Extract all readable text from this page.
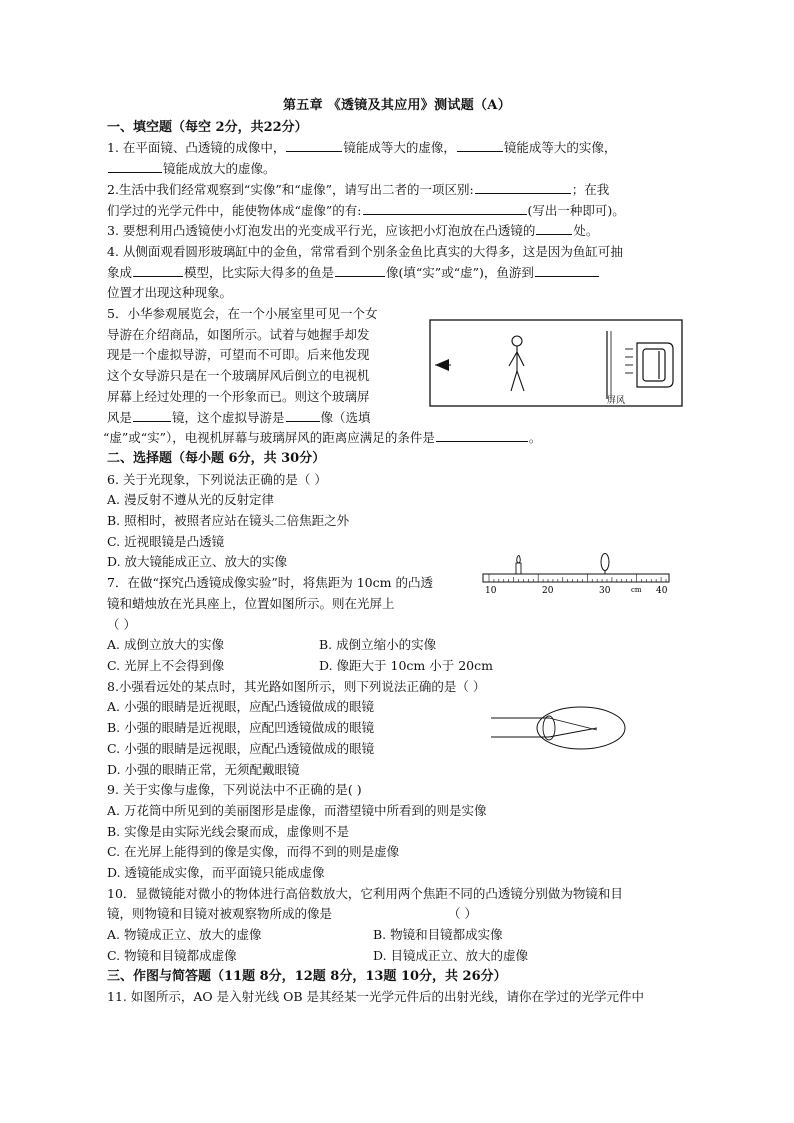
第五章 《透镜及其应用》测试题（A）
一、填空题（每空 2分，共22分）
1. 在平面镜、凸透镜的成像中，	镜能成等大的虚像，	镜能成等大的实像，
镜能成放大的虚像。
2.生活中我们经常观察到“实像”和“虚像”，请写出二者的一项区别:	；在我
们学过的光学元件中，能使物体成“虚像”的有:	(写出一种即可)。
3. 要想利用凸透镜使小灯泡发出的光变成平行光，应该把小灯泡放在凸透镜的	处。
4. 从侧面观看圆形玻璃缸中的金鱼，常常看到个别条金鱼比真实的大得多，这是因为鱼缸可抽
象成	模型，比实际大得多的鱼是	像(填“实”或“虚”)，鱼游到
位置才出现这种现象。
5．小华参观展览会，在一个小展室里可见一个女
导游在介绍商品，如图所示。试着与她握手却发
现是一个虚拟导游，可望而不可即。后来他发现
这个女导游只是在一个玻璃屏风后倒立的电视机
屏幕上经过处理的一个形象而已。则这个玻璃屏
风是	镜，这个虚拟导游是	像（选填
“虚”或“实”），电视机屏幕与玻璃屏风的距离应满足的条件是	。
屏风
二、选择题（每小题 6分，共 30分）
6. 关于光现象，下列说法正确的是（ ）
A. 漫反射不遵从光的反射定律
B. 照相时，被照者应站在镜头二倍焦距之外
C. 近视眼镜是凸透镜
D. 放大镜能成正立、放大的实像
7．在做“探究凸透镜成像实验”时，将焦距为 10cm 的凸透
镜和蜡烛放在光具座上，位置如图所示。则在光屏上
（ ）
A. 成倒立放大的实像	B. 成倒立缩小的实像
C. 光屏上不会得到像	D. 像距大于 10cm 小于 20cm
10	20	30	cm 40
8.小强看远处的某点时，其光路如图所示，则下列说法正确的是（ ）
A. 小强的眼睛是近视眼，应配凸透镜做成的眼镜
B. 小强的眼睛是近视眼，应配凹透镜做成的眼镜
C. 小强的眼睛是远视眼，应配凸透镜做成的眼镜
D. 小强的眼睛正常，无须配戴眼镜
9. 关于实像与虚像，下列说法中不正确的是( )
A. 万花筒中所见到的美丽图形是虚像，而潜望镜中所看到的则是实像
B. 实像是由实际光线会聚而成，虚像则不是
C. 在光屏上能得到的像是实像，而得不到的则是虚像
D. 透镜能成实像，而平面镜只能成虚像
10．显微镜能对微小的物体进行高倍数放大，它利用两个焦距不同的凸透镜分别做为物镜和目
镜，则物镜和目镜对被观察物所成的像是	（ ）
A. 物镜成正立、放大的虚像	B. 物镜和目镜都成实像
C. 物镜和目镜都成虚像	D. 目镜成正立、放大的虚像
三、作图与简答题（11题 8分，12题 8分，13题 10分，共 26分）
11. 如图所示，AO 是入射光线 OB 是其经某一光学元件后的出射光线，请你在学过的光学元件中
